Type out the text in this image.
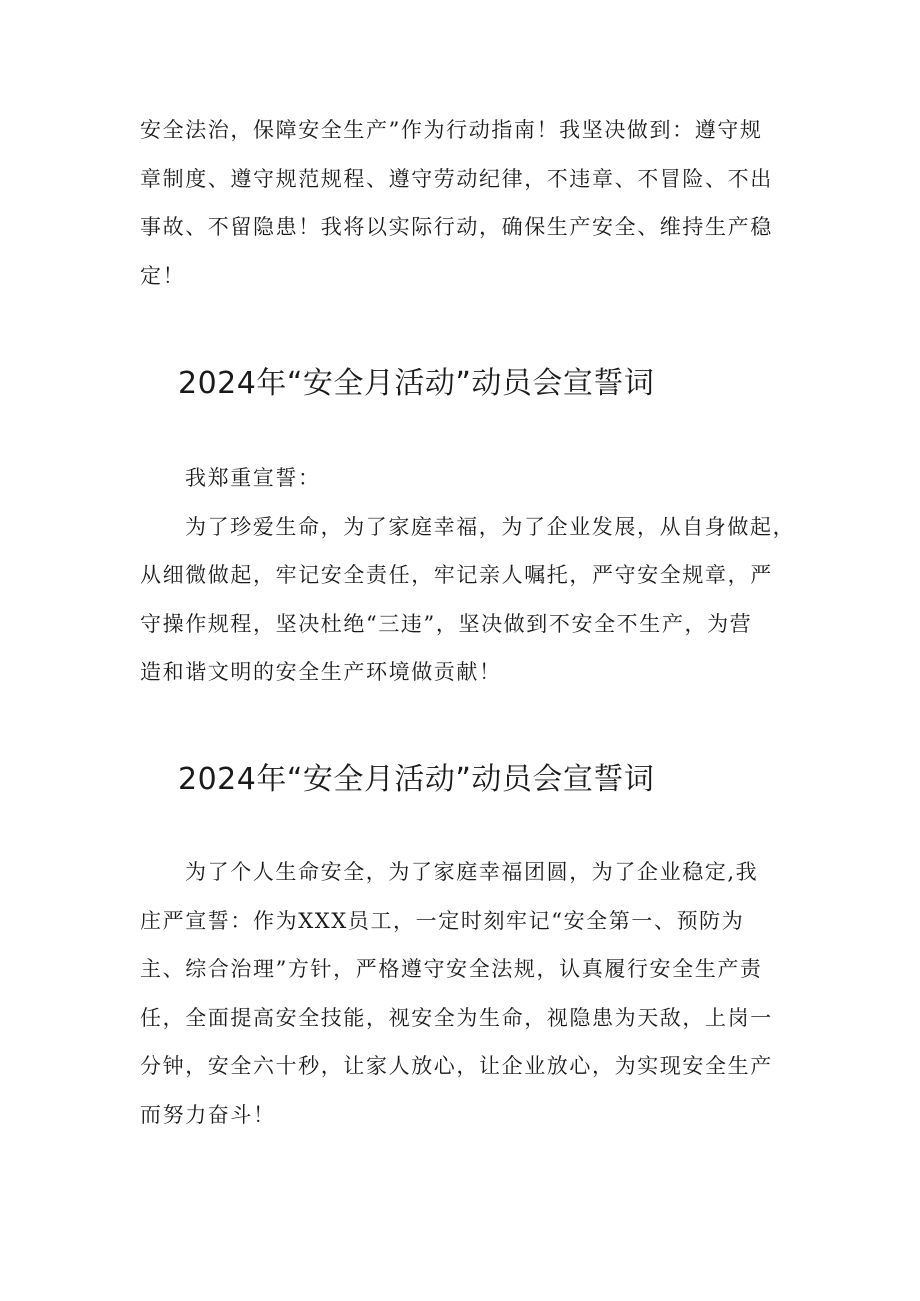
安全法治，保障安全生产”作为行动指南！我坚决做到：遵守规
章制度、遵守规范规程、遵守劳动纪律，不违章、不冒险、不出
事故、不留隐患！我将以实际行动，确保生产安全、维持生产稳
定！

2024年“安全月活动”动员会宣誓词

我郑重宣誓：
为了珍爱生命，为了家庭幸福，为了企业发展，从自身做起，
从细微做起，牢记安全责任，牢记亲人嘱托，严守安全规章，严
守操作规程，坚决杜绝“三违”，坚决做到不安全不生产，为营
造和谐文明的安全生产环境做贡献！

2024年“安全月活动”动员会宣誓词

为了个人生命安全，为了家庭幸福团圆，为了企业稳定,我
庄严宣誓：作为XXX员工，一定时刻牢记“安全第一、预防为
主、综合治理”方针，严格遵守安全法规，认真履行安全生产责
任，全面提高安全技能，视安全为生命，视隐患为天敌，上岗一
分钟，安全六十秒，让家人放心，让企业放心，为实现安全生产
而努力奋斗！
